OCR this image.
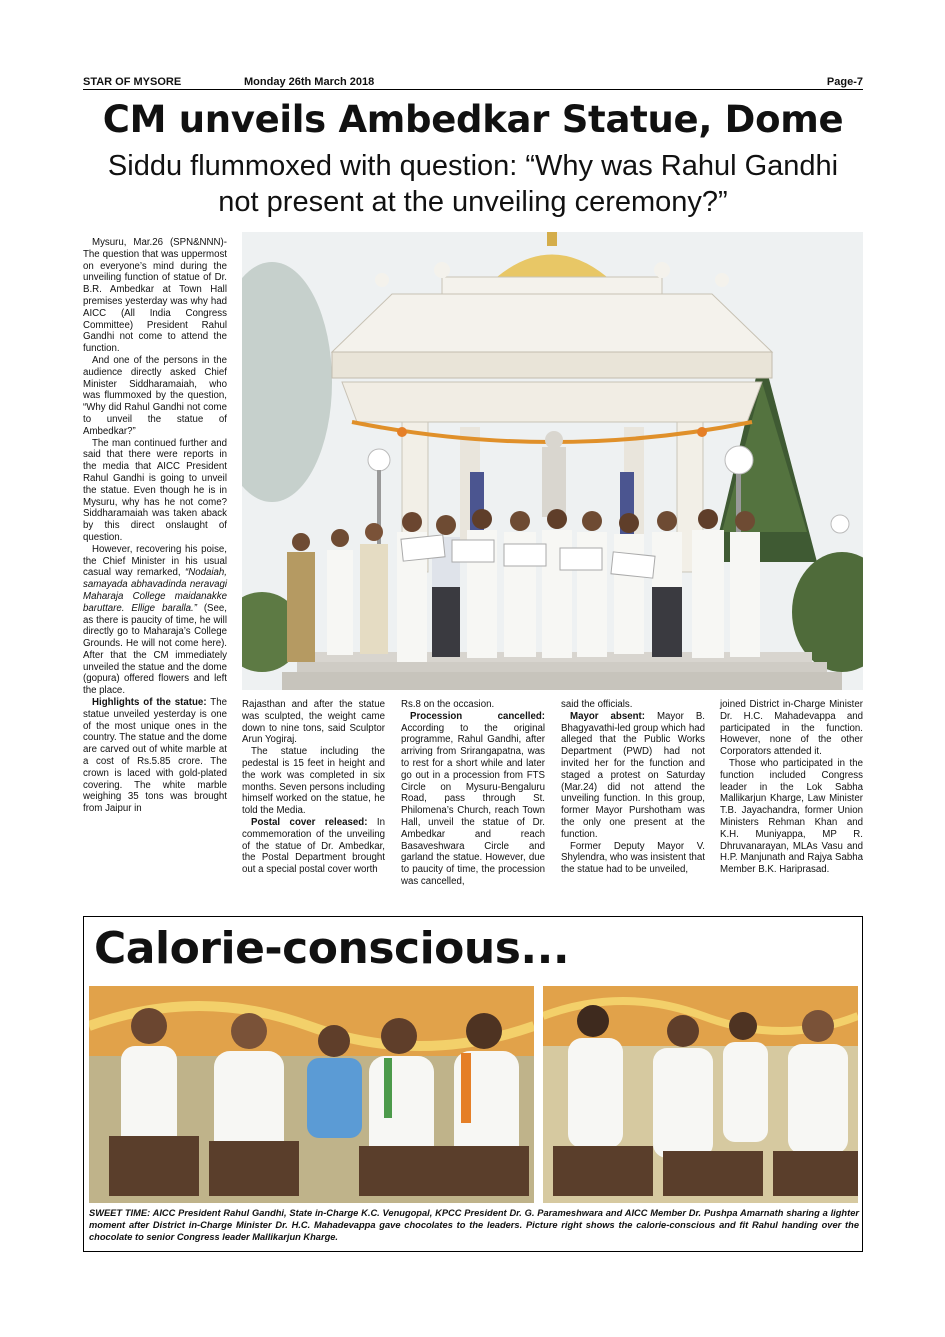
STAR OF MYSORE	Monday 26th March 2018	Page-7
CM unveils Ambedkar Statue, Dome
Siddu flummoxed with question: “Why was Rahul Gandhi
not present at the unveiling ceremony?”

Mysuru, Mar.26 (SPN&NNN)- The question that was uppermost on everyone’s mind during the unveiling function of statue of Dr. B.R. Ambedkar at Town Hall premises yesterday was why had AICC (All India Congress Committee) President Rahul Gandhi not come to attend the function.

And one of the persons in the audience directly asked Chief Minister Siddharamaiah, who was flummoxed by the question, “Why did Rahul Gandhi not come to unveil the statue of Ambedkar?”

The man continued further and said that there were reports in the media that AICC President Rahul Gandhi is going to unveil the statue. Even though he is in Mysuru, why has he not come? Siddharamaiah was taken aback by this direct onslaught of question.

However, recovering his poise, the Chief Minister in his usual casual way remarked, “Nodaiah, samayada abhavadinda neravagi Maharaja College maidanakke baruttare. Ellige baralla.” (See, as there is paucity of time, he will directly go to Maharaja’s College Grounds. He will not come here). After that the CM immediately unveiled the statue and the dome (gopura) offered flowers and left the place.

Highlights of the statue: The statue unveiled yesterday is one of the most unique ones in the country. The statue and the dome are carved out of white marble at a cost of Rs.5.85 crore. The crown is laced with gold-plated covering. The white marble weighing 35 tons was brought from Jaipur in

Rajasthan and after the statue was sculpted, the weight came down to nine tons, said Sculptor Arun Yogiraj.

The statue including the pedestal is 15 feet in height and the work was completed in six months. Seven persons including himself worked on the statue, he told the Media.

Postal cover released: In commemoration of the unveiling of the statue of Dr. Ambedkar, the Postal Department brought out a special postal cover worth

Rs.8 on the occasion.

Procession cancelled: According to the original programme, Rahul Gandhi, after arriving from Srirangapatna, was to rest for a short while and later go out in a procession from FTS Circle on Mysuru-Bengaluru Road, pass through St. Philomena’s Church, reach Town Hall, unveil the statue of Dr. Ambedkar and reach Basaveshwara Circle and garland the statue. However, due to paucity of time, the procession was cancelled,

said the officials.

Mayor absent: Mayor B. Bhagyavathi-led group which had alleged that the Public Works Department (PWD) had not invited her for the function and staged a protest on Saturday (Mar.24) did not attend the unveiling function. In this group, former Mayor Purshotham was the only one present at the function.

Former Deputy Mayor V. Shylendra, who was insistent that the statue had to be unveiled,

joined District in-Charge Minister Dr. H.C. Mahadevappa and participated in the function. However, none of the other Corporators attended it.

Those who participated in the function included Congress leader in the Lok Sabha Mallikarjun Kharge, Law Minister T.B. Jayachandra, former Union Ministers Rehman Khan and K.H. Muniyappa, MP R. Dhruvanarayan, MLAs Vasu and H.P. Manjunath and Rajya Sabha Member B.K. Hariprasad.

Calorie-conscious...

SWEET TIME: AICC President Rahul Gandhi, State in-Charge K.C. Venugopal, KPCC President Dr. G. Parameshwara and AICC Member Dr. Pushpa Amarnath sharing a lighter moment after District in-Charge Minister Dr. H.C. Mahadevappa gave chocolates to the leaders. Picture right shows the calorie-conscious and fit Rahul handing over the chocolate to senior Congress leader Mallikarjun Kharge.
